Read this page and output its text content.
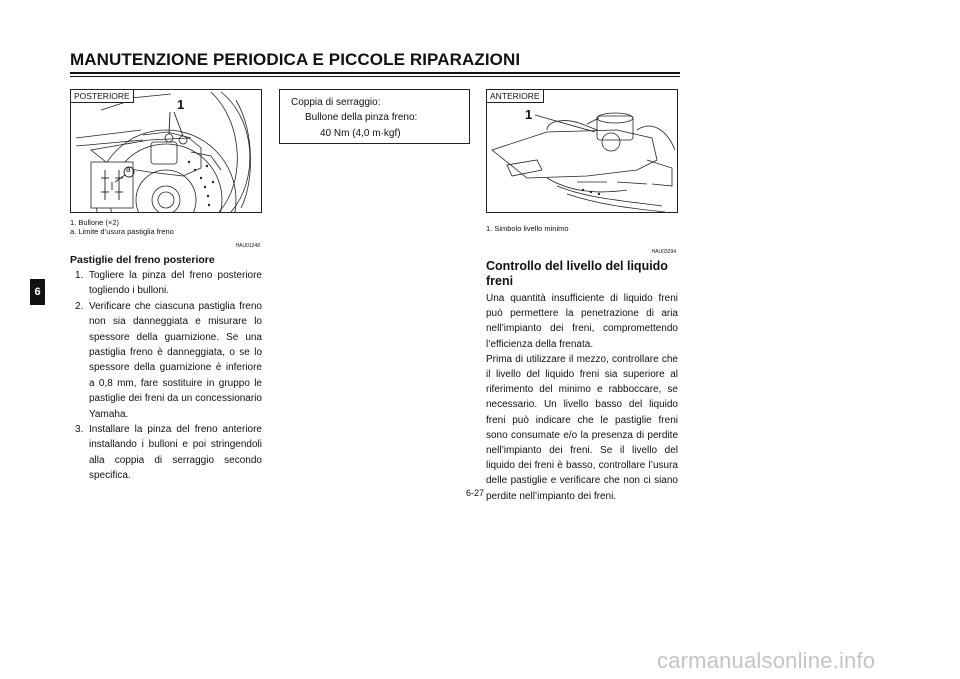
MANUTENZIONE PERIODICA E PICCOLE RIPARAZIONI
6
POSTERIORE
1
a
1. Bullone (×2)
a. Limite d’usura pastiglia freno
HAU01248
Pastiglie del freno posteriore
1. Togliere la pinza del freno posteriore togliendo i bulloni.
2. Verificare che ciascuna pastiglia freno non sia danneggiata e misurare lo spessore della guarnizione. Se una pastiglia freno è danneggiata, o se lo spessore della guarnizione è inferiore a 0,8 mm, fare sostituire in gruppo le pastiglie dei freni da un concessionario Yamaha.
3. Installare la pinza del freno anteriore installando i bulloni e poi stringendoli alla coppia di serraggio secondo specifica.
Coppia di serraggio:
Bullone della pinza freno:
40 Nm (4,0 m·kgf)
ANTERIORE
1
1. Simbolo livello minimo
HAU03294
Controllo del livello del liquido freni

Una quantità insufficiente di liquido freni può permettere la penetrazione di aria nell’impianto dei freni, compromettendo l’efficienza della frenata.

Prima di utilizzare il mezzo, controllare che il livello del liquido freni sia superiore al riferimento del minimo e rabboccare, se necessario. Un livello basso del liquido freni può indicare che le pastiglie freni sono consumate e/o la presenza di perdite nell’impianto dei freni. Se il livello del liquido dei freni è basso, controllare l’usura delle pastiglie e verificare che non ci siano perdite nell’impianto dei freni.

6-27
carmanualsonline.info
